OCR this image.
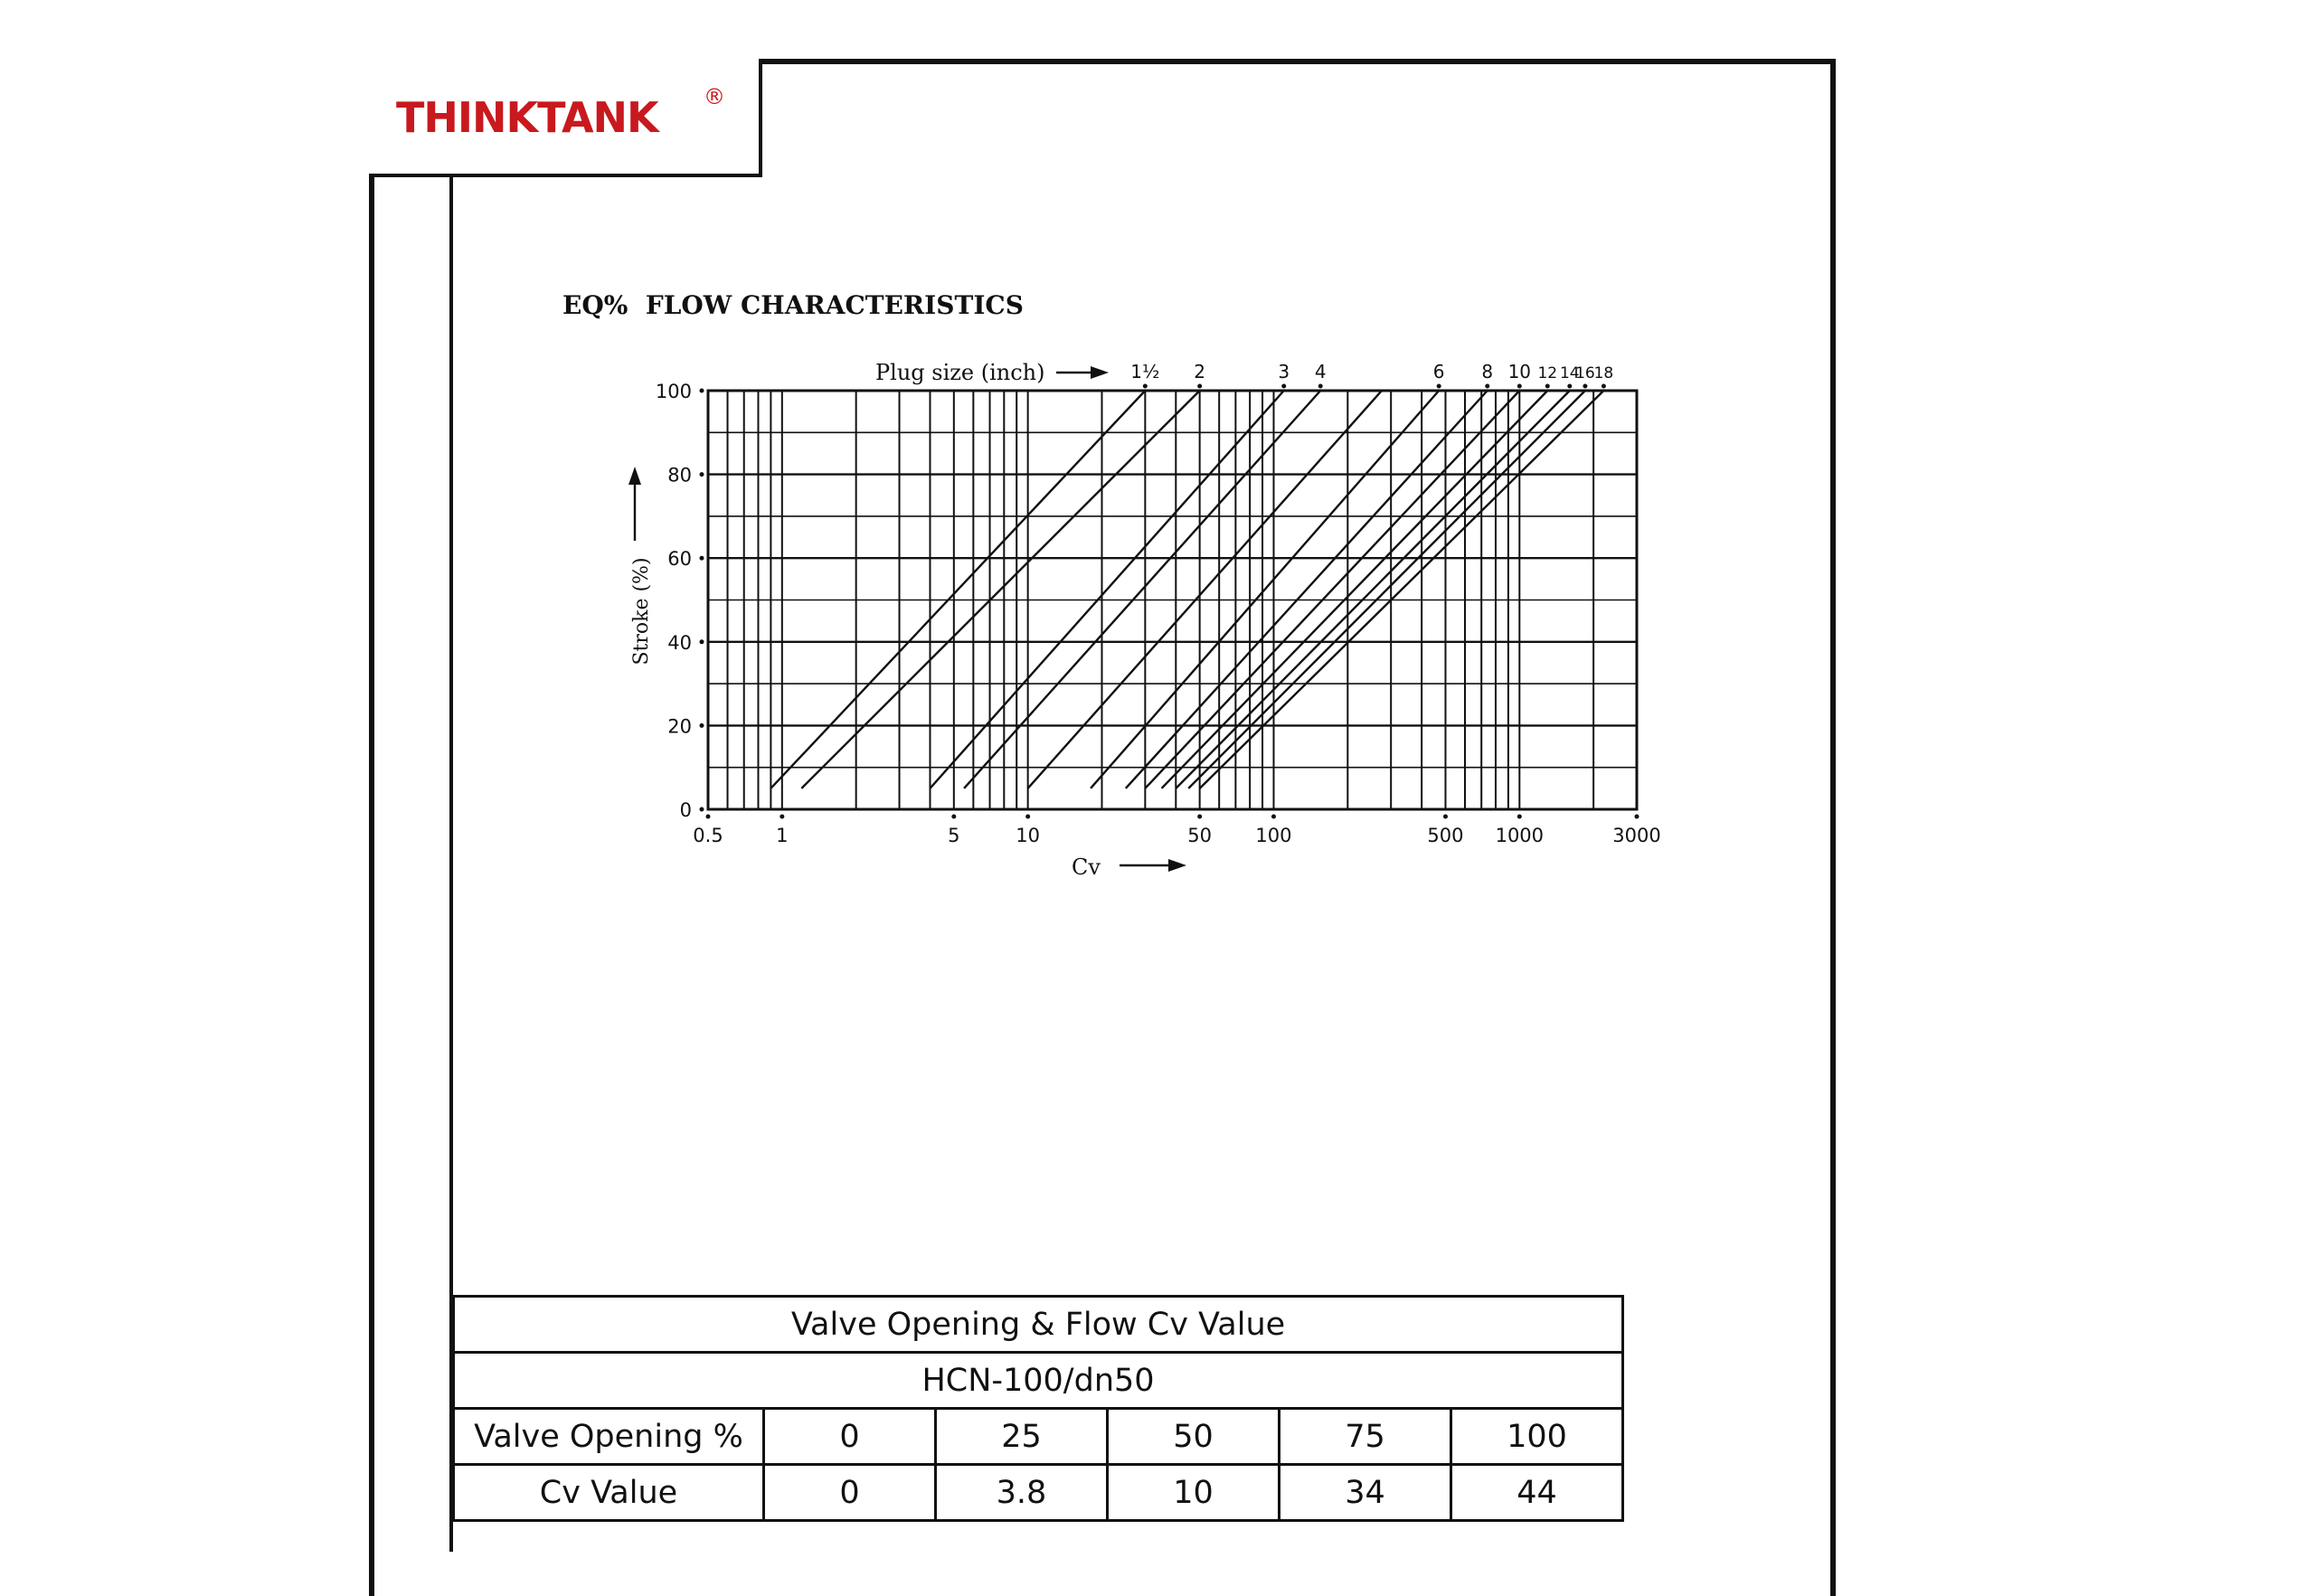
THINKTANK ®
EQ%  FLOW CHARACTERISTICS
0
20
40
60
80
100
0.5	1	5	10	50 100	500 1000	3000
1½ 2	3 4	6 8 10 12 14
16
18
Plug size (inch)
Cv
Stroke (%)
Valve Opening & Flow Cv Value					
HCN-100/dn50					
Valve Opening %	0	25	50	75	100
Cv Value	0	3.8	10	34	44
